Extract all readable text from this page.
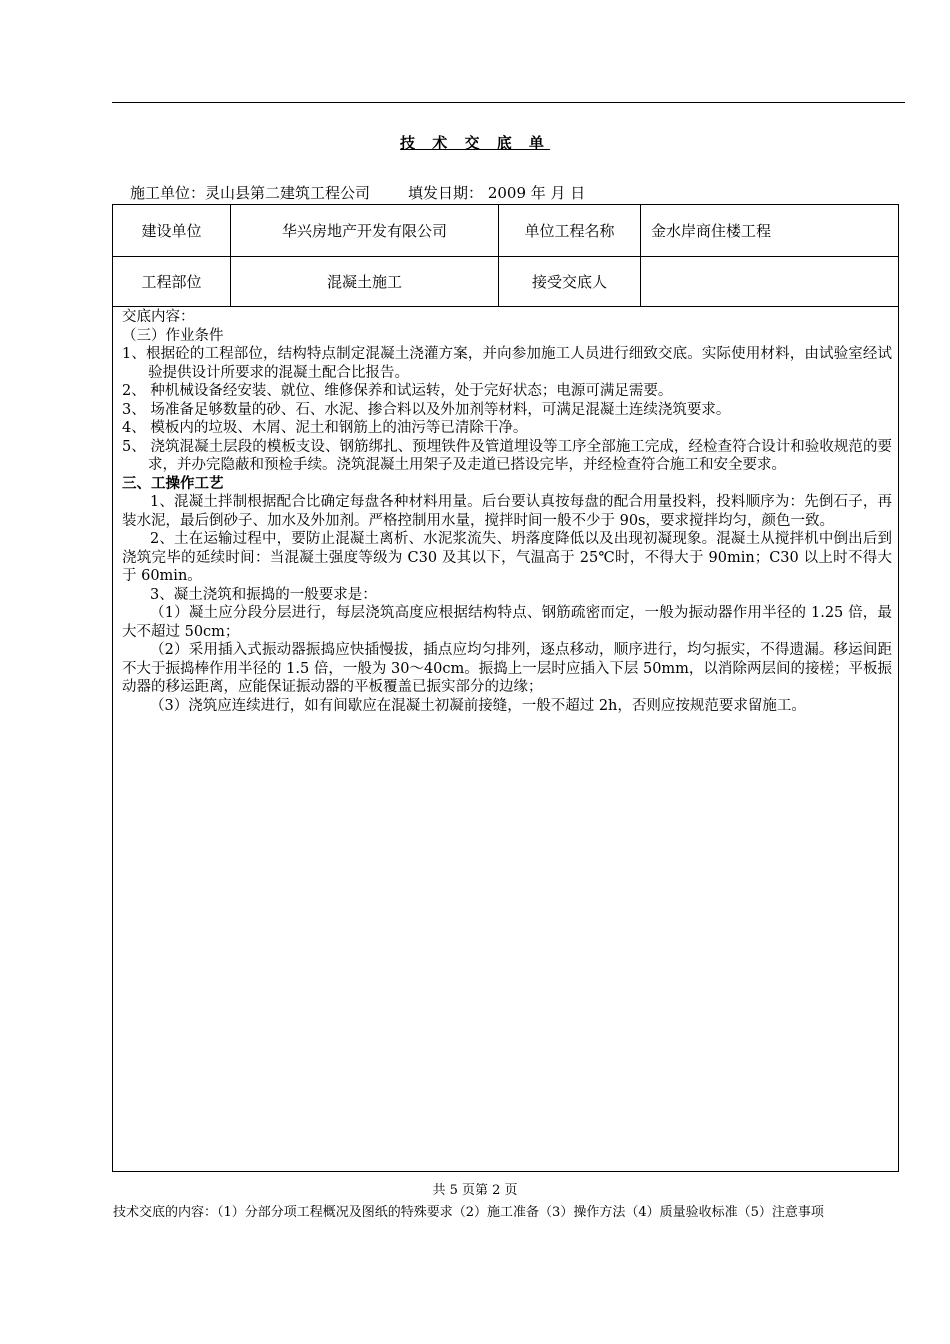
技 术 交 底 单
施工单位：灵山县第二建筑工程公司	填发日期： 2009 年 月 日
建设单位	华兴房地产开发有限公司	单位工程名称	金水岸商住楼工程
工程部位	混凝土施工	接受交底人

交底内容：

（三）作业条件

1、根据砼的工程部位，结构特点制定混凝土浇灌方案，并向参加施工人员进行细致交底。实际使用材料，由试验室经试验提供设计所要求的混凝土配合比报告。

2、 种机械设备经安装、就位、维修保养和试运转，处于完好状态；电源可满足需要。

3、 场准备足够数量的砂、石、水泥、掺合料以及外加剂等材料，可满足混凝土连续浇筑要求。

4、 模板内的垃圾、木屑、泥土和钢筋上的油污等已清除干净。

5、 浇筑混凝土层段的模板支设、钢筋绑扎、预埋铁件及管道埋设等工序全部施工完成，经检查符合设计和验收规范的要求，并办完隐蔽和预检手续。浇筑混凝土用架子及走道已搭设完毕，并经检查符合施工和安全要求。

三、工操作工艺

1、混凝土拌制根据配合比确定每盘各种材料用量。后台要认真按每盘的配合用量投料，投料顺序为：先倒石子，再装水泥，最后倒砂子、加水及外加剂。严格控制用水量，搅拌时间一般不少于 90s，要求搅拌均匀，颜色一致。

2、土在运输过程中，要防止混凝土离析、水泥浆流失、坍落度降低以及出现初凝现象。混凝土从搅拌机中倒出后到浇筑完毕的延续时间：当混凝土强度等级为 C30 及其以下，气温高于 25℃时，不得大于 90min；C30 以上时不得大于 60min。

3、凝土浇筑和振捣的一般要求是：

（1）凝土应分段分层进行，每层浇筑高度应根据结构特点、钢筋疏密而定，一般为振动器作用半径的 1.25 倍，最大不超过 50cm；

（2）采用插入式振动器振捣应快插慢拔，插点应均匀排列，逐点移动，顺序进行，均匀振实，不得遗漏。移运间距不大于振捣棒作用半径的 1.5 倍，一般为 30～40cm。振捣上一层时应插入下层 50mm，以消除两层间的接槎；平板振动器的移运距离，应能保证振动器的平板覆盖已振实部分的边缘；

（3）浇筑应连续进行，如有间歇应在混凝土初凝前接缝，一般不超过 2h，否则应按规范要求留施工。

共 5 页第 2 页
技术交底的内容：（1）分部分项工程概况及图纸的特殊要求（2）施工准备（3）操作方法（4）质量验收标准（5）注意事项
